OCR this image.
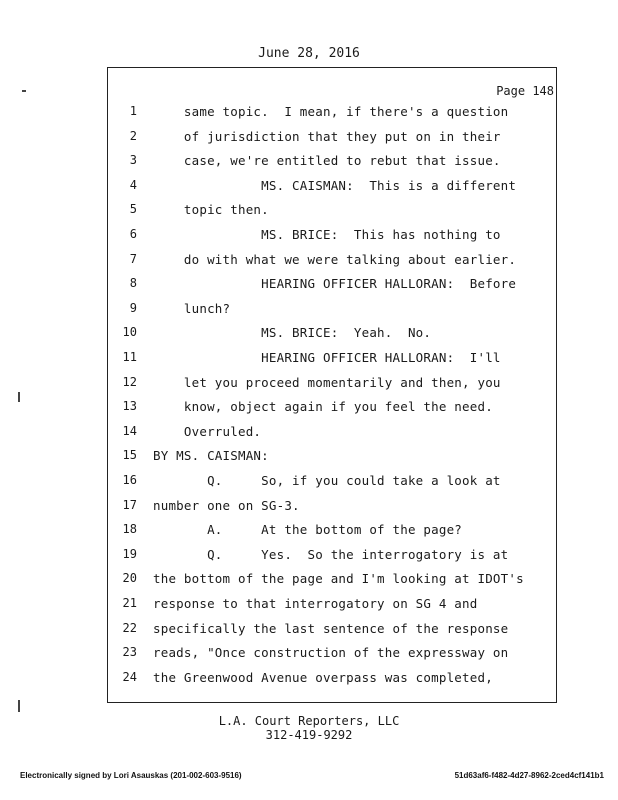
June 28, 2016
Page 148
1 same topic.  I mean, if there's a question
2 of jurisdiction that they put on in their
3 case, we're entitled to rebut that issue.
4 MS. CAISMAN:  This is a different
5 topic then.
6 MS. BRICE:  This has nothing to
7 do with what we were talking about earlier.
8 HEARING OFFICER HALLORAN:  Before
9 lunch?
10 MS. BRICE:  Yeah.  No.
11 HEARING OFFICER HALLORAN:  I'll
12 let you proceed momentarily and then, you
13 know, object again if you feel the need.
14 Overruled.
15 BY MS. CAISMAN:
16 Q.     So, if you could take a look at
17 number one on SG-3.
18 A.     At the bottom of the page?
19 Q.     Yes.  So the interrogatory is at
20 the bottom of the page and I'm looking at IDOT's
21 response to that interrogatory on SG 4 and
22 specifically the last sentence of the response
23 reads, "Once construction of the expressway on
24 the Greenwood Avenue overpass was completed,
L.A. Court Reporters, LLC
312-419-9292
Electronically signed by Lori Asauskas (201-002-603-9516)	51d63af6-f482-4d27-8962-2ced4cf141b1
